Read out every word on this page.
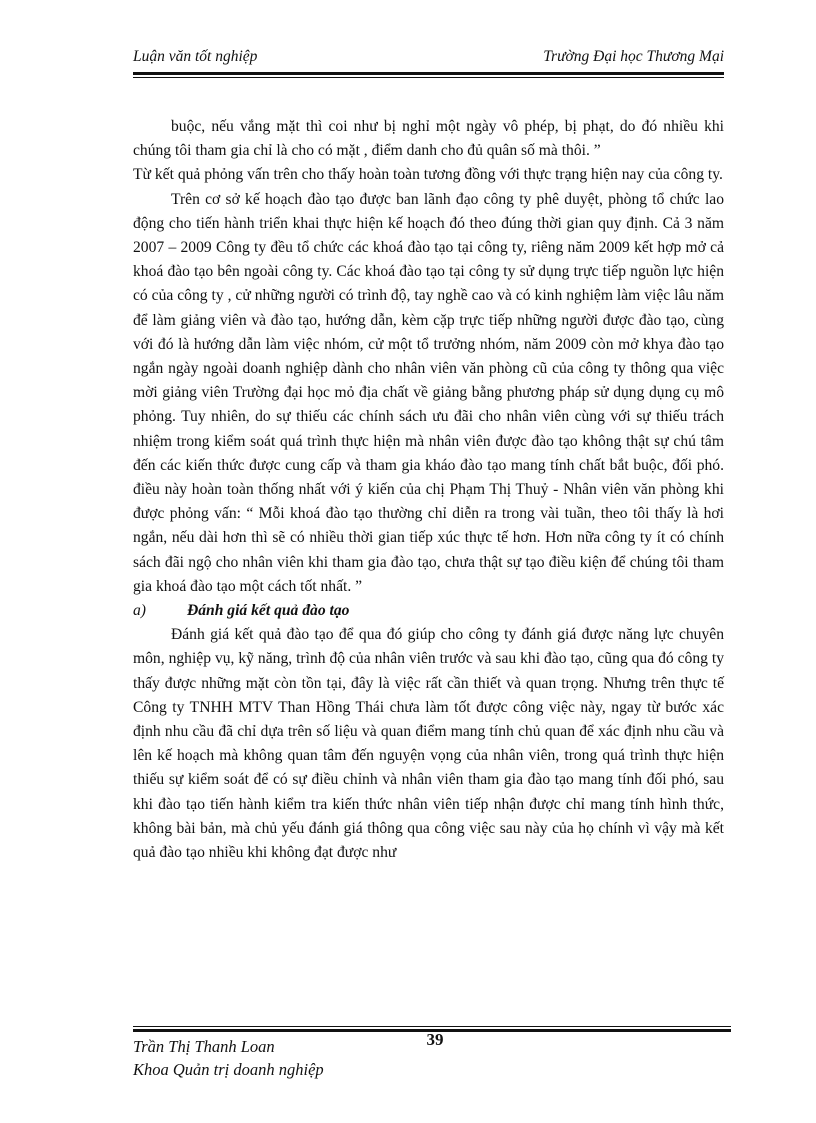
Luận văn tốt nghiệp	Trường Đại học Thương Mại

buộc, nếu vắng mặt thì coi như bị nghỉ một ngày vô phép, bị phạt, do đó nhiều khi chúng tôi tham gia chỉ là cho có mặt , điểm danh cho đủ quân số mà thôi. ”

Từ kết quả phỏng vấn trên cho thấy hoàn toàn tương đồng với thực trạng hiện nay của công ty.

Trên cơ sở kế hoạch đào tạo được ban lãnh đạo công ty phê duyệt, phòng tổ chức lao động cho tiến hành triển khai thực hiện kế hoạch đó theo đúng thời gian quy định. Cả 3 năm 2007 – 2009 Công ty đều tổ chức các khoá đào tạo tại công ty, riêng năm 2009 kết hợp mở cả khoá đào tạo bên ngoài công ty. Các khoá đào tạo tại công ty sử dụng trực tiếp nguồn lực hiện có của công ty , cử những người có trình độ, tay nghề cao và có kinh nghiệm làm việc lâu năm để làm giảng viên và đào tạo, hướng dẫn, kèm cặp trực tiếp những người được đào tạo, cùng với đó là hướng dẫn làm việc nhóm, cử một tổ trưởng nhóm, năm 2009 còn mở khya đào tạo ngắn ngày ngoài doanh nghiệp dành cho nhân viên văn phòng cũ của công ty thông qua việc mời giảng viên Trường đại học mỏ địa chất về giảng bằng phương pháp sử dụng dụng cụ mô phỏng. Tuy nhiên, do sự thiếu các chính sách ưu đãi cho nhân viên cùng với sự thiếu trách nhiệm trong kiểm soát quá trình thực hiện mà nhân viên được đào tạo không thật sự chú tâm đến các kiến thức được cung cấp và tham gia kháo đào tạo mang tính chất bắt buộc, đối phó. điều này hoàn toàn thống nhất với ý kiến của chị Phạm Thị Thuỷ - Nhân viên văn phòng khi được phỏng vấn: “ Mỗi khoá đào tạo thường chỉ diễn ra trong vài tuần, theo tôi thấy là hơi ngắn, nếu dài hơn thì sẽ có nhiều thời gian tiếp xúc thực tế hơn. Hơn nữa công ty ít có chính sách đãi ngộ cho nhân viên khi tham gia đào tạo, chưa thật sự tạo điều kiện để chúng tôi tham gia khoá đào tạo một cách tốt nhất. ”

a)	Đánh giá kết quả đào tạo

Đánh giá kết quả đào tạo để qua đó giúp cho công ty đánh giá được năng lực chuyên môn, nghiệp vụ, kỹ năng, trình độ của nhân viên trước và sau khi đào tạo, cũng qua đó công ty thấy được những mặt còn tồn tại, đây là việc rất cần thiết và quan trọng. Nhưng trên thực tế Công ty TNHH MTV Than Hồng Thái chưa làm tốt được công việc này, ngay từ bước xác định nhu cầu đã chỉ dựa trên số liệu và quan điểm mang tính chủ quan để xác định nhu cầu và lên kế hoạch mà không quan tâm đến nguyện vọng của nhân viên, trong quá trình thực hiện thiếu sự kiểm soát để có sự điều chỉnh và nhân viên tham gia đào tạo mang tính đối phó, sau khi đào tạo tiến hành kiểm tra kiến thức nhân viên tiếp nhận được chỉ mang tính hình thức, không bài bản, mà chủ yếu đánh giá thông qua công việc sau này của họ chính vì vậy mà kết quả đào tạo nhiều khi không đạt được như

Trần Thị Thanh Loan
Khoa Quản trị doanh nghiệp
39
